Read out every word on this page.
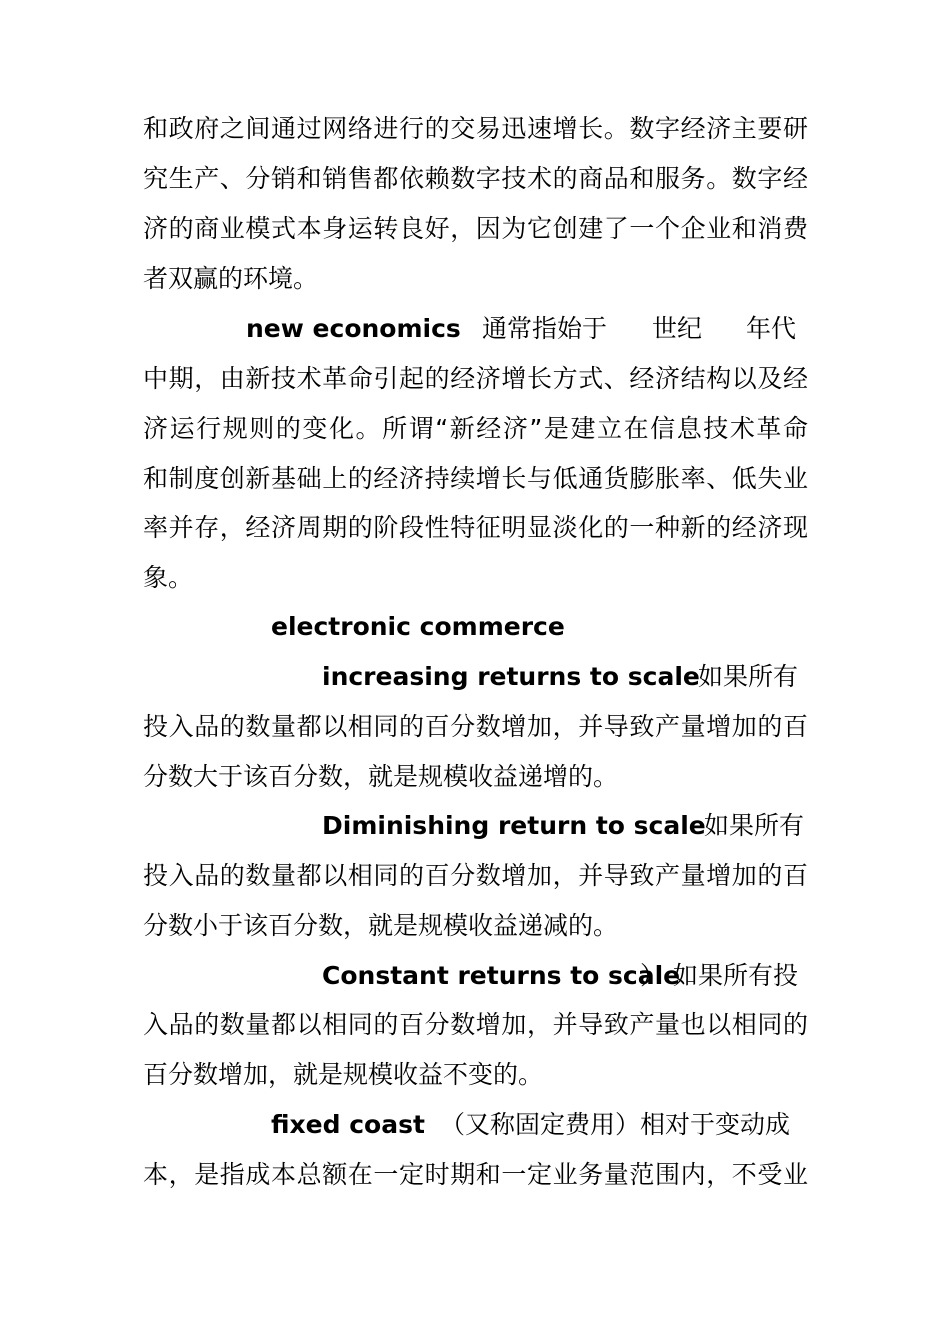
和政府之间通过网络进行的交易迅速增长。数字经济主要研
究生产、分销和销售都依赖数字技术的商品和服务。数字经
济的商业模式本身运转良好，因为它创建了一个企业和消费
者双赢的环境。
new economics 通常指始于 世纪 年代
中期，由新技术革命引起的经济增长方式、经济结构以及经
济运行规则的变化。所谓“新经济”是建立在信息技术革命
和制度创新基础上的经济持续增长与低通货膨胀率、低失业
率并存，经济周期的阶段性特征明显淡化的一种新的经济现
象。
electronic commerce
increasing returns to scale
如果所有
投入品的数量都以相同的百分数增加，并导致产量增加的百
分数大于该百分数，就是规模收益递增的。
Diminishing return to scale
如果所有
投入品的数量都以相同的百分数增加，并导致产量增加的百
分数小于该百分数，就是规模收益递减的。
Constant returns to scale
） 如果所有投
入品的数量都以相同的百分数增加，并导致产量也以相同的
百分数增加，就是规模收益不变的。
fixed coast （又称固定费用）相对于变动成
本，是指成本总额在一定时期和一定业务量范围内，不受业
